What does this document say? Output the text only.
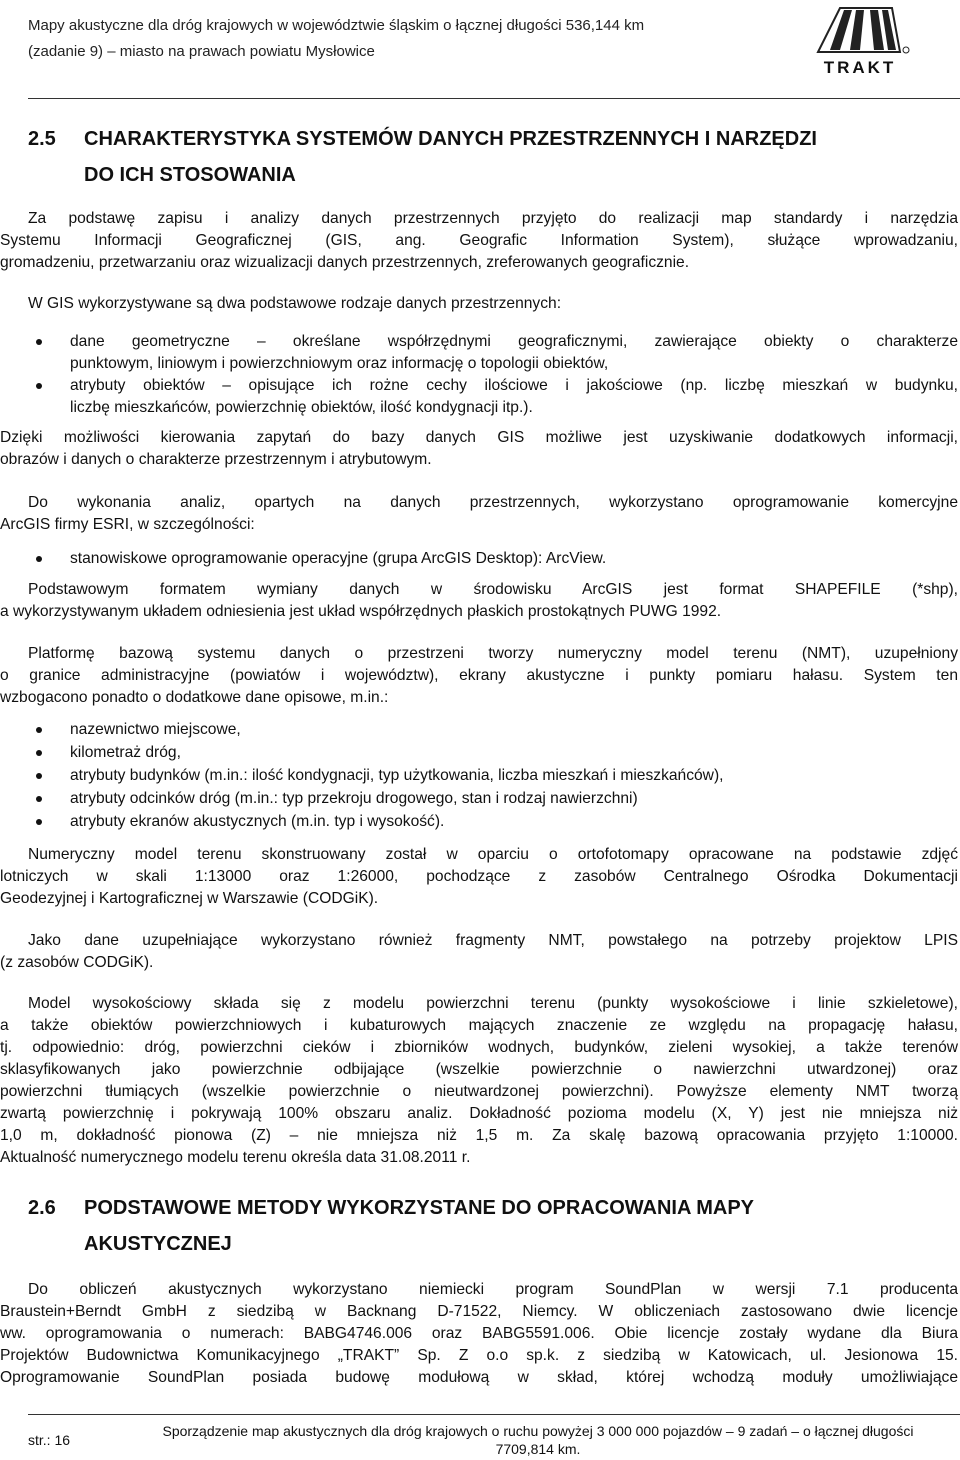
Mapy akustyczne dla dróg krajowych w województwie śląskim o łącznej długości 536,144 km
(zadanie 9) – miasto na prawach powiatu Mysłowice
TRAKT
2.5 CHARAKTERYSTYKA SYSTEMÓW DANYCH PRZESTRZENNYCH I NARZĘDZI
DO ICH STOSOWANIA
Za podstawę zapisu i analizy danych przestrzennych przyjęto do realizacji map standardy i narzędzia
Systemu Informacji Geograficznej (GIS, ang. Geografic Information System), służące wprowadzaniu,
gromadzeniu, przetwarzaniu oraz wizualizacji danych przestrzennych, zreferowanych geograficznie.
W GIS wykorzystywane są dwa podstawowe rodzaje danych przestrzennych:
dane geometryczne – określane współrzędnymi geograficznymi, zawierające obiekty o charakterze
punktowym, liniowym i powierzchniowym oraz informację o topologii obiektów,
atrybuty obiektów – opisujące ich rożne cechy ilościowe i jakościowe (np. liczbę mieszkań w budynku,
liczbę mieszkańców, powierzchnię obiektów, ilość kondygnacji itp.).
Dzięki możliwości kierowania zapytań do bazy danych GIS możliwe jest uzyskiwanie dodatkowych informacji,
obrazów i danych o charakterze przestrzennym i atrybutowym.
Do wykonania analiz, opartych na danych przestrzennych, wykorzystano oprogramowanie komercyjne
ArcGIS firmy ESRI, w szczególności:
stanowiskowe oprogramowanie operacyjne (grupa ArcGIS Desktop): ArcView.
Podstawowym formatem wymiany danych w środowisku ArcGIS jest format SHAPEFILE (*shp),
a wykorzystywanym układem odniesienia jest układ współrzędnych płaskich prostokątnych PUWG 1992.
Platformę bazową systemu danych o przestrzeni tworzy numeryczny model terenu (NMT), uzupełniony
o granice administracyjne (powiatów i województw), ekrany akustyczne i punkty pomiaru hałasu. System ten
wzbogacono ponadto o dodatkowe dane opisowe, m.in.:
nazewnictwo miejscowe,
kilometraż dróg,
atrybuty budynków (m.in.: ilość kondygnacji, typ użytkowania, liczba mieszkań i mieszkańców),
atrybuty odcinków dróg (m.in.: typ przekroju drogowego, stan i rodzaj nawierzchni)
atrybuty ekranów akustycznych (m.in. typ i wysokość).
Numeryczny model terenu skonstruowany został w oparciu o ortofotomapy opracowane na podstawie zdjęć
lotniczych w skali 1:13000 oraz 1:26000, pochodzące z zasobów Centralnego Ośrodka Dokumentacji
Geodezyjnej i Kartograficznej w Warszawie (CODGiK).
Jako dane uzupełniające wykorzystano również fragmenty NMT, powstałego na potrzeby projektow LPIS
(z zasobów CODGiK).
Model wysokościowy składa się z modelu powierzchni terenu (punkty wysokościowe i linie szkieletowe),
a także obiektów powierzchniowych i kubaturowych mających znaczenie ze względu na propagację hałasu,
tj. odpowiednio: dróg, powierzchni cieków i zbiorników wodnych, budynków, zieleni wysokiej, a także terenów
sklasyfikowanych jako powierzchnie odbijające (wszelkie powierzchnie o nawierzchni utwardzonej) oraz
powierzchni tłumiących (wszelkie powierzchnie o nieutwardzonej powierzchni). Powyższe elementy NMT tworzą
zwartą powierzchnię i pokrywają 100% obszaru analiz. Dokładność pozioma modelu (X, Y) jest nie mniejsza niż
1,0 m, dokładność pionowa (Z) – nie mniejsza niż 1,5 m. Za skalę bazową opracowania przyjęto 1:10000.
Aktualność numerycznego modelu terenu określa data 31.08.2011 r.
2.6 PODSTAWOWE METODY WYKORZYSTANE DO OPRACOWANIA MAPY
AKUSTYCZNEJ
Do obliczeń akustycznych wykorzystano niemiecki program SoundPlan w wersji 7.1 producenta
Braustein+Berndt GmbH z siedzibą w Backnang D-71522, Niemcy. W obliczeniach zastosowano dwie licencje
ww. oprogramowania o numerach: BABG4746.006 oraz BABG5591.006. Obie licencje zostały wydane dla Biura
Projektów Budownictwa Komunikacyjnego „TRAKT” Sp. Z o.o sp.k. z siedzibą w Katowicach, ul. Jesionowa 15.
Oprogramowanie SoundPlan posiada budowę modułową w skład, której wchodzą moduły umożliwiające
str.: 16
Sporządzenie map akustycznych dla dróg krajowych o ruchu powyżej 3 000 000 pojazdów – 9 zadań – o łącznej długości
7709,814 km.
